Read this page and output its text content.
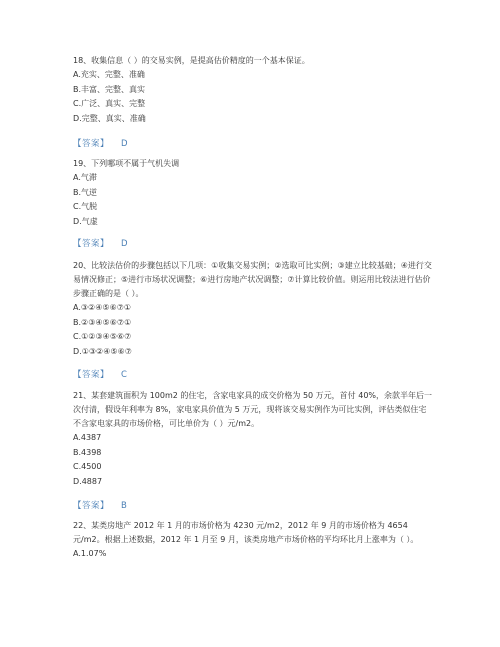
18、收集信息（ ）的交易实例，是提高估价精度的一个基本保证。

A.充实、完整、准确

B.丰富、完整、真实

C.广泛、真实、完整

D.完整、真实、准确

【答案】 D

19、下列哪项不属于气机失调

A.气滞

B.气逆

C.气脱

D.气虚

【答案】 D

20、比较法估价的步骤包括以下几项：①收集交易实例；②选取可比实例；③建立比较基础；④进行交易情况修正；⑤进行市场状况调整；⑥进行房地产状况调整；⑦计算比较价值。则运用比较法进行估价步骤正确的是（ ）。

A.③②④⑤⑥⑦①

B.②③④⑤⑥⑦①

C.①②③④⑤⑥⑦

D.①③②④⑤⑥⑦

【答案】 C

21、某套建筑面积为 100m2 的住宅，含家电家具的成交价格为 50 万元，首付 40%，余款半年后一次付清，假设年利率为 8%，家电家具价值为 5 万元，现将该交易实例作为可比实例，评估类似住宅不含家电家具的市场价格，可比单价为（ ）元/m2。

A.4387

B.4398

C.4500

D.4887

【答案】 B

22、某类房地产 2012 年 1 月的市场价格为 4230 元/m2，2012 年 9 月的市场价格为 4654 元/m2。根据上述数据，2012 年 1 月至 9 月，该类房地产市场价格的平均环比月上涨率为（ ）。

A.1.07%
